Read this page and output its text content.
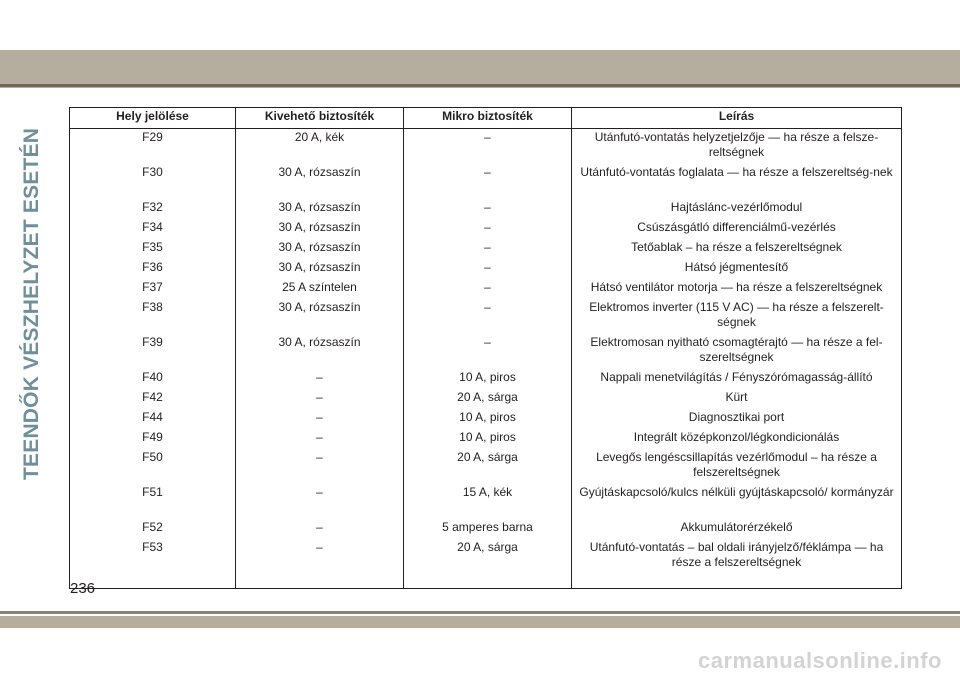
TEENDŐK VÉSZHELYZET ESETÉN
Hely jelölése	Kivehető biztosíték	Mikro biztosíték	Leírás
F29	20 A, kék	–	Utánfutó-vontatás helyzetjelzője — ha része a felsze-reltségnek
F30	30 A, rózsaszín	–	Utánfutó-vontatás foglalata — ha része a felszereltség-nek
F32	30 A, rózsaszín	–	Hajtáslánc-vezérlőmodul
F34	30 A, rózsaszín	–	Csúszásgátló differenciálmű-vezérlés
F35	30 A, rózsaszín	–	Tetőablak – ha része a felszereltségnek
F36	30 A, rózsaszín	–	Hátsó jégmentesítő
F37	25 A színtelen	–	Hátsó ventilátor motorja — ha része a felszereltségnek
F38	30 A, rózsaszín	–	Elektromos inverter (115 V AC) — ha része a felszerelt-ségnek
F39	30 A, rózsaszín	–	Elektromosan nyitható csomagtérajtó — ha része a fel-szereltségnek
F40	–	10 A, piros	Nappali menetvilágítás / Fényszórómagasság-állító
F42	–	20 A, sárga	Kürt
F44	–	10 A, piros	Diagnosztikai port
F49	–	10 A, piros	Integrált középkonzol/légkondicionálás
F50	–	20 A, sárga	Levegős lengéscsillapítás vezérlőmodul – ha része a felszereltségnek
F51	–	15 A, kék	Gyújtáskapcsoló/kulcs nélküli gyújtáskapcsoló/ kormányzár
F52	–	5 amperes barna	Akkumulátorérzékelő
F53	–	20 A, sárga	Utánfutó-vontatás – bal oldali irányjelző/féklámpa — ha része a felszereltségnek
236
carmanualsonline.info
